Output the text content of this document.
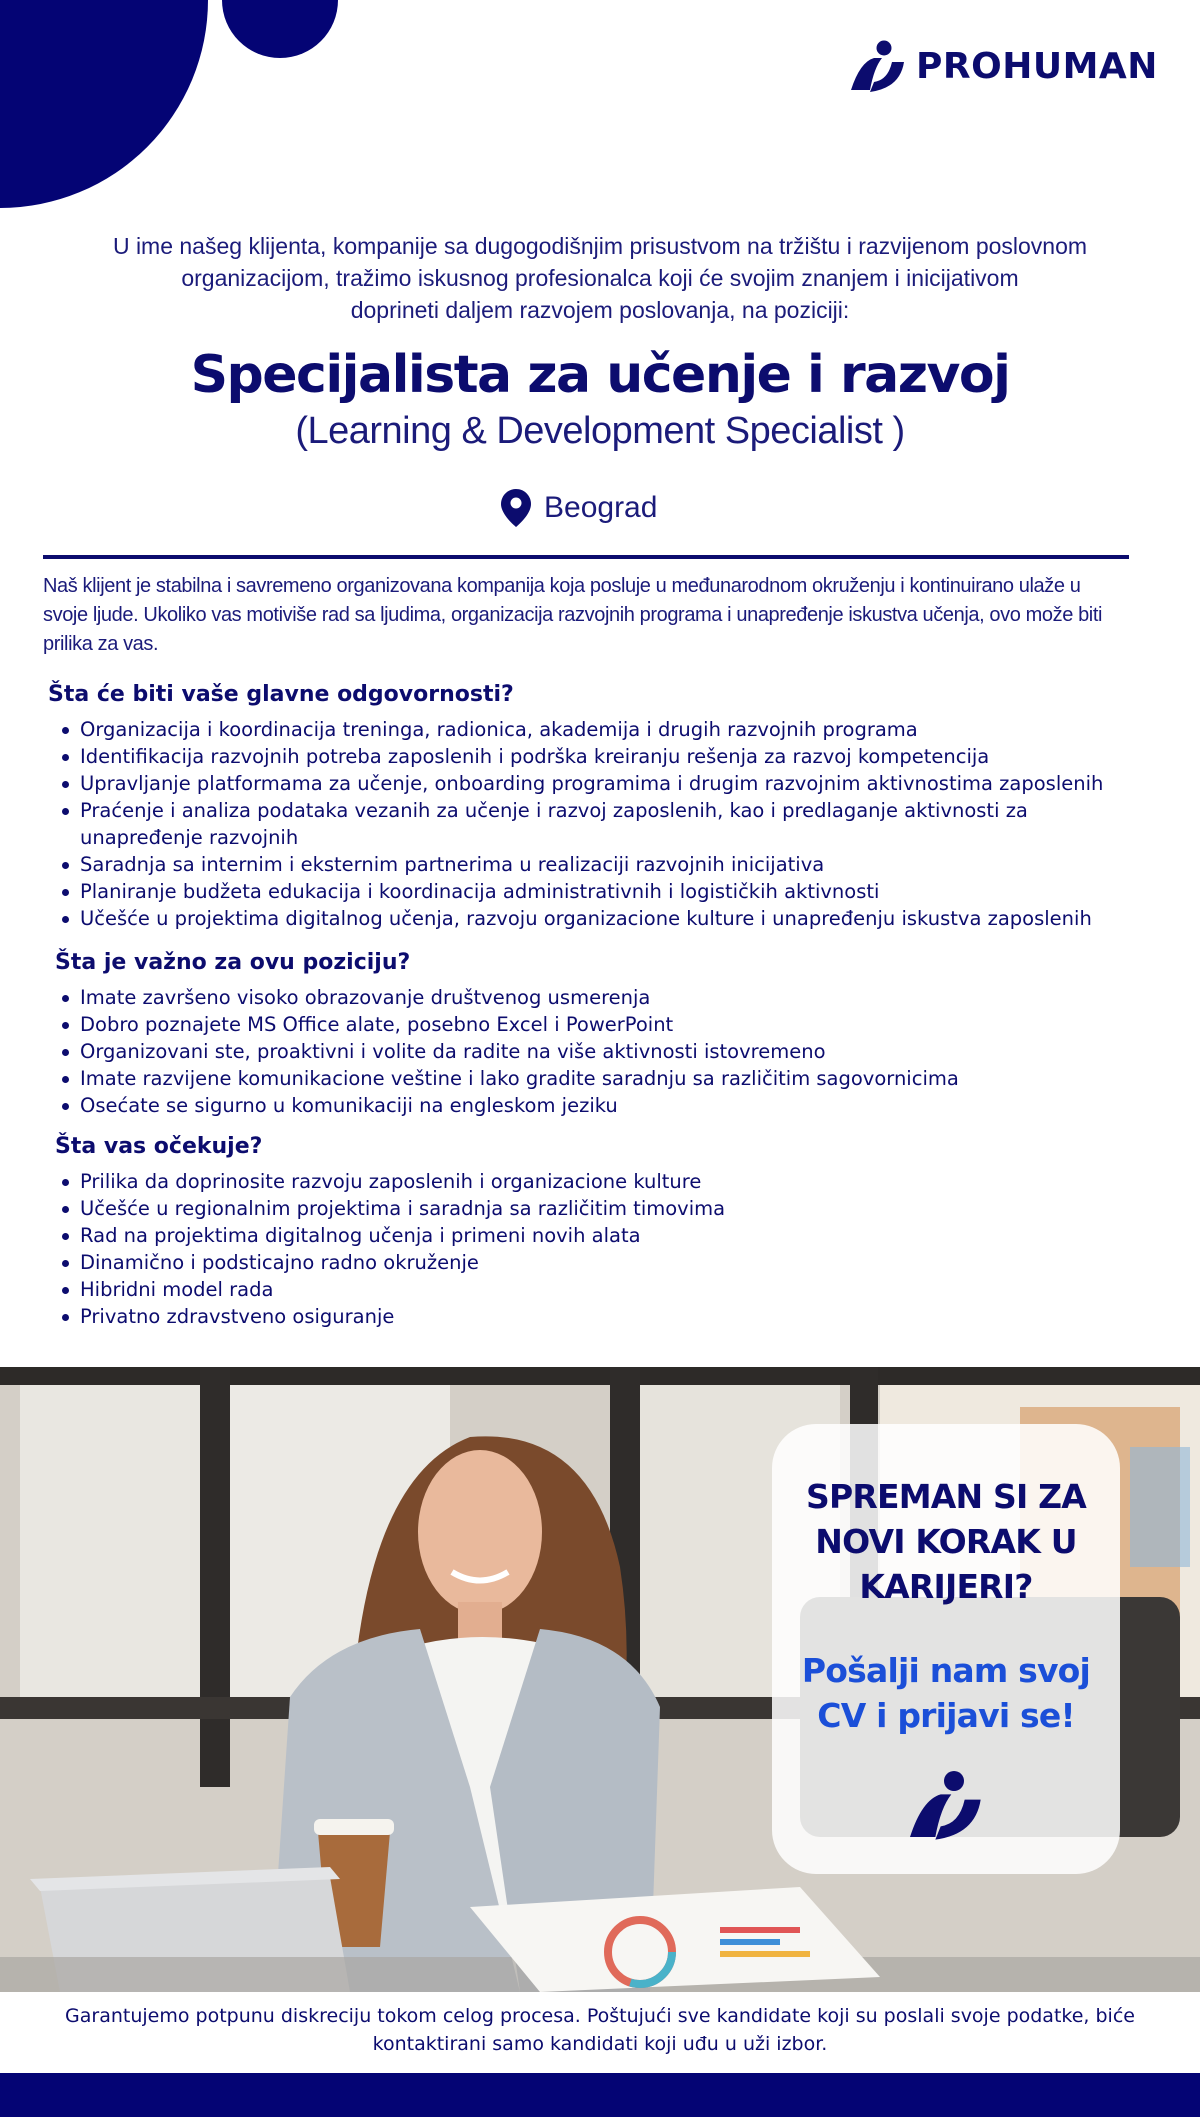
PROHUMAN
U ime našeg klijenta, kompanije sa dugogodišnjim prisustvom na tržištu i razvijenom poslovnom
organizacijom, tražimo iskusnog profesionalca koji će svojim znanjem i inicijativom
doprineti daljem razvojem poslovanja, na poziciji:
Specijalista za učenje i razvoj
(Learning & Development Specialist )
Beograd
Naš klijent je stabilna i savremeno organizovana kompanija koja posluje u međunarodnom okruženju i kontinuirano ulaže u
svoje ljude. Ukoliko vas motiviše rad sa ljudima, organizacija razvojnih programa i unapređenje iskustva učenja, ovo može biti
prilika za vas.
Šta će biti vaše glavne odgovornosti?
Organizacija i koordinacija treninga, radionica, akademija i drugih razvojnih programa
Identifikacija razvojnih potreba zaposlenih i podrška kreiranju rešenja za razvoj kompetencija
Upravljanje platformama za učenje, onboarding programima i drugim razvojnim aktivnostima zaposlenih
Praćenje i analiza podataka vezanih za učenje i razvoj zaposlenih, kao i predlaganje aktivnosti za
unapređenje razvojnih
Saradnja sa internim i eksternim partnerima u realizaciji razvojnih inicijativa
Planiranje budžeta edukacija i koordinacija administrativnih i logističkih aktivnosti
Učešće u projektima digitalnog učenja, razvoju organizacione kulture i unapređenju iskustva zaposlenih
Šta je važno za ovu poziciju?
Imate završeno visoko obrazovanje društvenog usmerenja
Dobro poznajete MS Office alate, posebno Excel i PowerPoint
Organizovani ste, proaktivni i volite da radite na više aktivnosti istovremeno
Imate razvijene komunikacione veštine i lako gradite saradnju sa različitim sagovornicima
Osećate se sigurno u komunikaciji na engleskom jeziku
Šta vas očekuje?
Prilika da doprinosite razvoju zaposlenih i organizacione kulture
Učešće u regionalnim projektima i saradnja sa različitim timovima
Rad na projektima digitalnog učenja i primeni novih alata
Dinamično i podsticajno radno okruženje
Hibridni model rada
Privatno zdravstveno osiguranje
SPREMAN SI ZA
NOVI KORAK U
KARIJERI?
Pošalji nam svoj
CV i prijavi se!
Garantujemo potpunu diskreciju tokom celog procesa. Poštujući sve kandidate koji su poslali svoje podatke, biće
kontaktirani samo kandidati koji uđu u uži izbor.
